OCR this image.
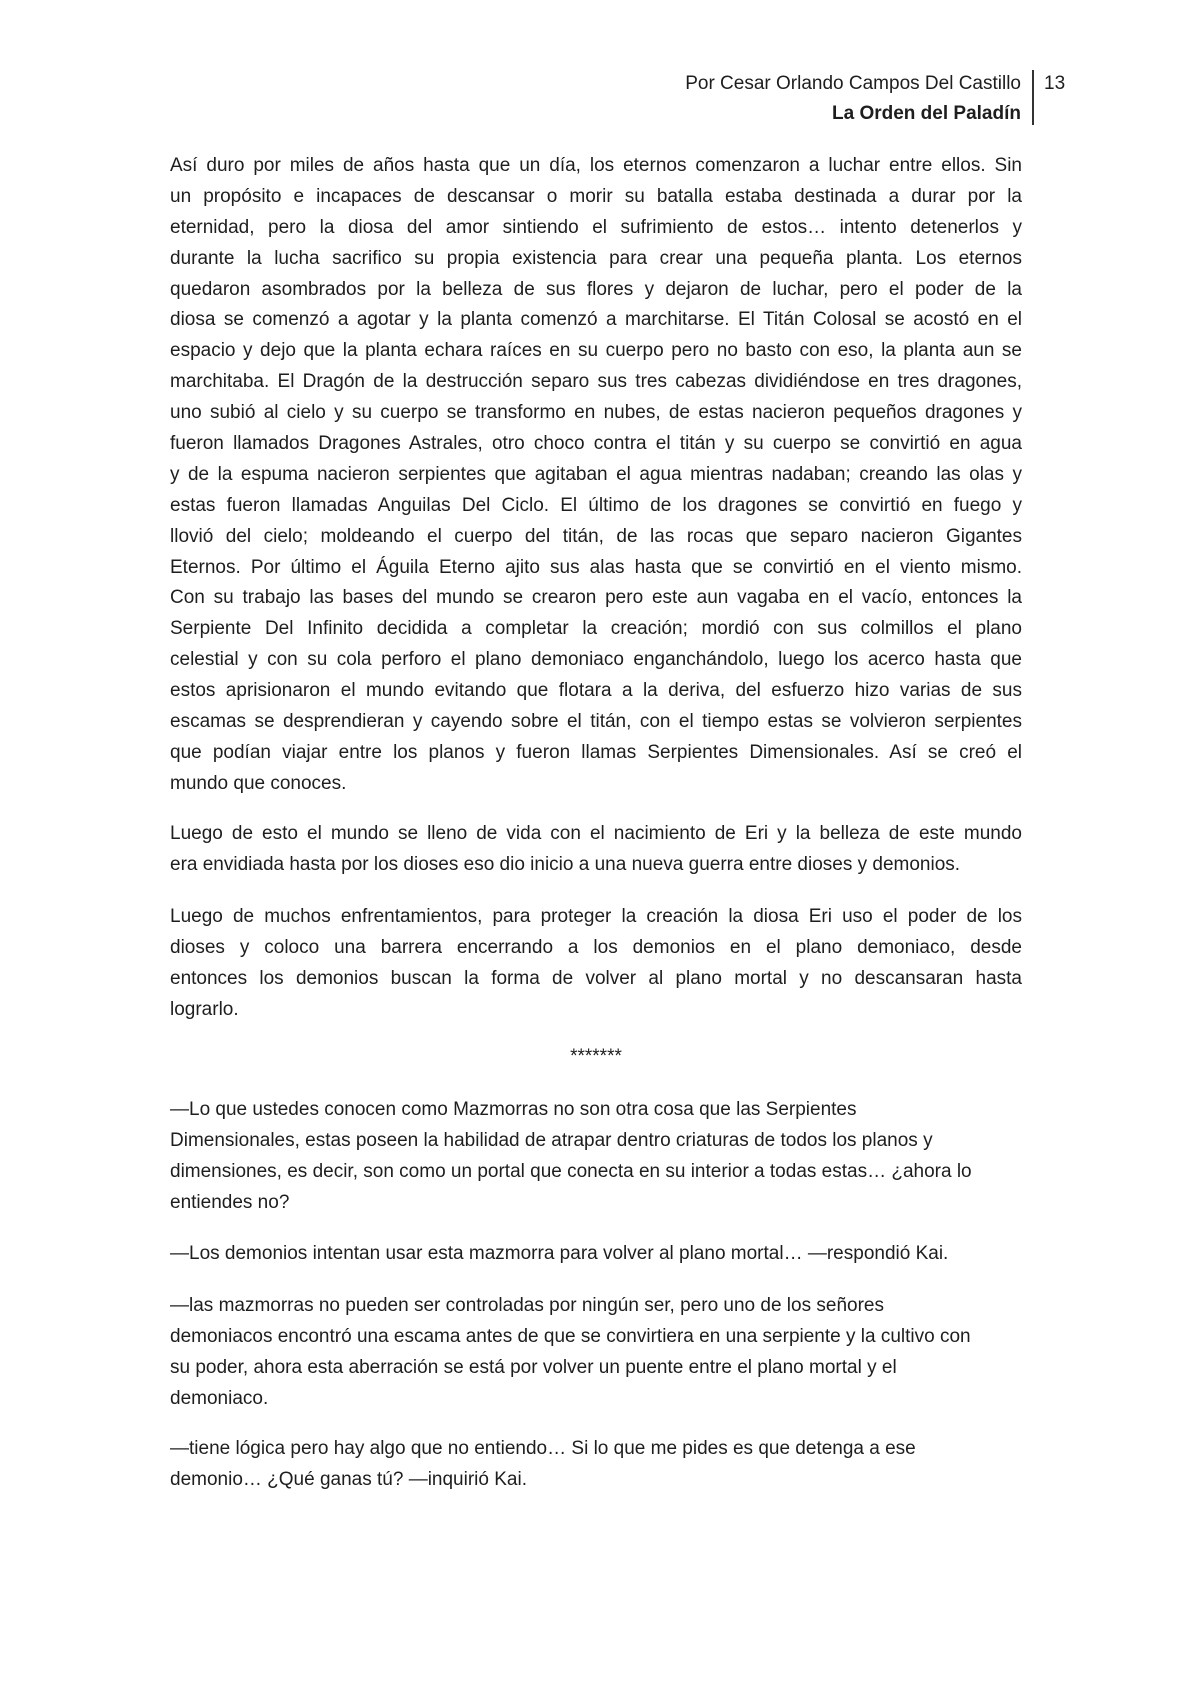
Por Cesar Orlando Campos Del Castillo
La Orden del Paladín
13
Así duro por miles de años hasta que un día, los eternos comenzaron a luchar entre ellos. Sin
un propósito e incapaces de descansar o morir su batalla estaba destinada a durar por la
eternidad, pero la diosa del amor sintiendo el sufrimiento de estos… intento detenerlos y
durante la lucha sacrifico su propia existencia para crear una pequeña planta. Los eternos
quedaron asombrados por la belleza de sus flores y dejaron de luchar, pero el poder de la
diosa se comenzó a agotar y la planta comenzó a marchitarse. El Titán Colosal se acostó en el
espacio y dejo que la planta echara raíces en su cuerpo pero no basto con eso, la planta aun se
marchitaba. El Dragón de la destrucción separo sus tres cabezas dividiéndose en tres dragones,
uno subió al cielo y su cuerpo se transformo en nubes, de estas nacieron pequeños dragones y
fueron llamados Dragones Astrales, otro choco contra el titán y su cuerpo se convirtió en agua
y de la espuma nacieron serpientes que agitaban el agua mientras nadaban; creando las olas y
estas fueron llamadas Anguilas Del Ciclo. El último de los dragones se convirtió en fuego y
llovió del cielo; moldeando el cuerpo del titán, de las rocas que separo nacieron Gigantes
Eternos. Por último el Águila Eterno ajito sus alas hasta que se convirtió en el viento mismo.
Con su trabajo las bases del mundo se crearon pero este aun vagaba en el vacío, entonces la
Serpiente Del Infinito decidida a completar la creación; mordió con sus colmillos el plano
celestial y con su cola perforo el plano demoniaco enganchándolo, luego los acerco hasta que
estos aprisionaron el mundo evitando que flotara a la deriva, del esfuerzo hizo varias de sus
escamas se desprendieran y cayendo sobre el titán, con el tiempo estas se volvieron serpientes
que podían viajar entre los planos y fueron llamas Serpientes Dimensionales. Así se creó el
mundo que conoces.
Luego de esto el mundo se lleno de vida con el nacimiento de Eri y la belleza de este mundo
era envidiada hasta por los dioses eso dio inicio a una nueva guerra entre dioses y demonios.
Luego de muchos enfrentamientos, para proteger la creación la diosa Eri uso el poder de los
dioses y coloco una barrera encerrando a los demonios en el plano demoniaco, desde
entonces los demonios buscan la forma de volver al plano mortal y no descansaran hasta
lograrlo.
*******
—Lo que ustedes conocen como Mazmorras no son otra cosa que las Serpientes
Dimensionales, estas poseen la habilidad de atrapar dentro criaturas de todos los planos y
dimensiones, es decir, son como un portal que conecta en su interior a todas estas… ¿ahora lo
entiendes no?
—Los demonios intentan usar esta mazmorra para volver al plano mortal… —respondió Kai.
—las mazmorras no pueden ser controladas por ningún ser, pero uno de los señores
demoniacos encontró una escama antes de que se convirtiera en una serpiente y la cultivo con
su poder, ahora esta aberración se está por volver un puente entre el plano mortal y el
demoniaco.
—tiene lógica pero hay algo que no entiendo… Si lo que me pides es que detenga a ese
demonio… ¿Qué ganas tú? —inquirió Kai.
